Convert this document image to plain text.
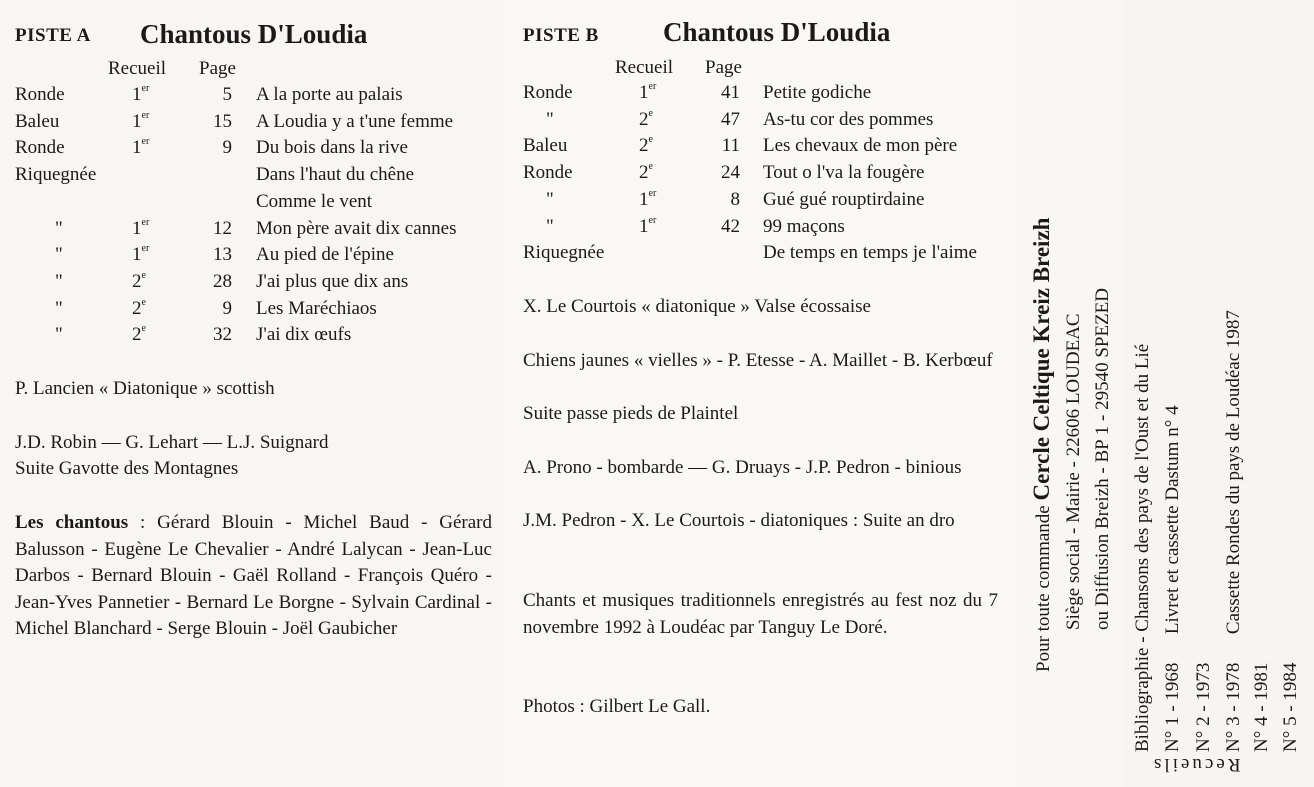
PISTE A Chantous D'Loudia
Recueil Page
Ronde	1er	5 A la porte au palais
Baleu	1er	15 A Loudia y a t'une femme
Ronde	1er	9 Du bois dans la rive
Riquegnée	Dans l'haut du chêne
Comme le vent
"	1er	12 Mon père avait dix cannes
"	1er	13 Au pied de l'épine
"	2e	28 J'ai plus que dix ans
"	2e	9 Les Maréchiaos
"	2e	32 J'ai dix œufs
P. Lancien « Diatonique » scottish
J.D. Robin — G. Lehart — L.J. Suignard
Suite Gavotte des Montagnes
Les chantous : Gérard Blouin - Michel Baud - Gérard Balusson - Eugène Le Chevalier - André Lalycan - Jean-Luc Darbos - Bernard Blouin - Gaël Rolland - François Quéro - Jean-Yves Pannetier - Bernard Le Borgne - Sylvain Cardinal - Michel Blanchard - Serge Blouin - Joël Gaubicher
PISTE B Chantous D'Loudia
Recueil Page
Ronde	1er	41 Petite godiche
"	2e	47 As-tu cor des pommes
Baleu	2e	11 Les chevaux de mon père
Ronde	2e	24 Tout o l'va la fougère
"	1er	8 Gué gué rouptirdaine
"	1er	42 99 maçons
Riquegnée	De temps en temps je l'aime
X. Le Courtois « diatonique » Valse écossaise
Chiens jaunes « vielles » - P. Etesse - A. Maillet - B. Kerbœuf
Suite passe pieds de Plaintel
A. Prono - bombarde — G. Druays - J.P. Pedron - binious
J.M. Pedron - X. Le Courtois - diatoniques : Suite an dro
Chants et musiques traditionnels enregistrés au fest noz du 7 novembre 1992 à Loudéac par Tanguy Le Doré.
Photos : Gilbert Le Gall.
Pour toute commande Cercle Celtique Kreiz Breizh Siège social - Mairie - 22606 LOUDEAC ou Diffusion Breizh - BP 1 - 29540 SPEZED Bibliographie - Chansons des pays de l'Oust et du Lié N° 1 - 1968      Livret et cassette Dastum n° 4 N° 2 - 1973 N° 3 - 1978      Cassette Rondes du pays de Loudéac 1987 N° 4 - 1981 N° 5 - 1984
Recueils
